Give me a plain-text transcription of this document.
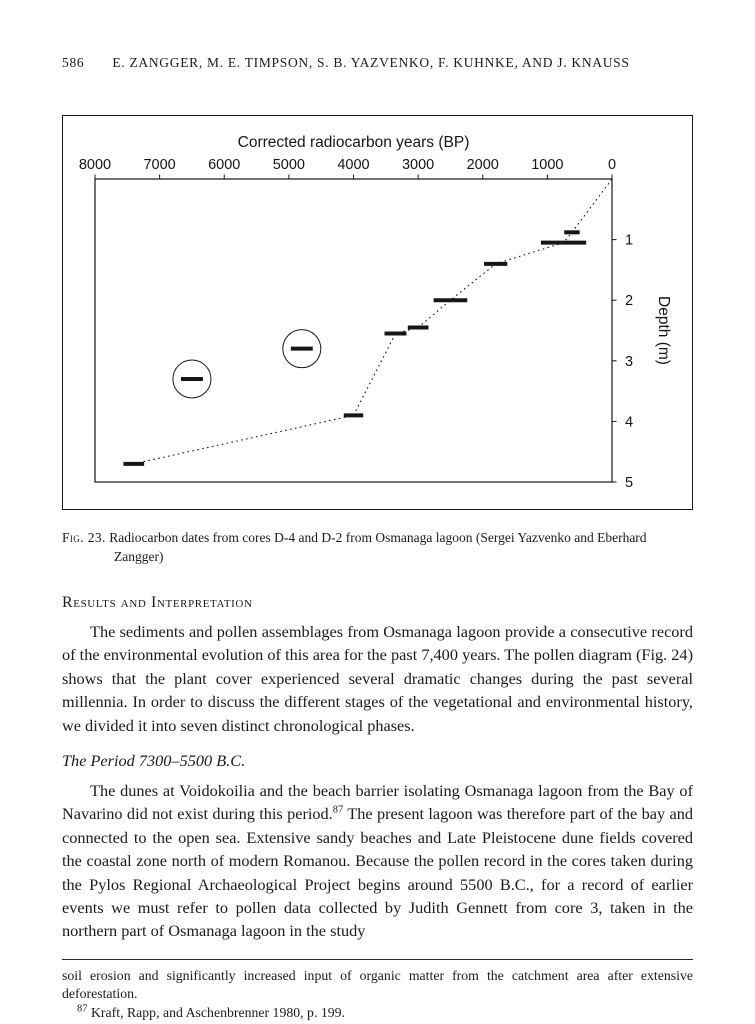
586 E. ZANGGER, M. E. TIMPSON, S. B. YAZVENKO, F. KUHNKE, AND J. KNAUSS
Corrected radiocarbon years (BP)
8000 7000 6000 5000 4000 3000 2000 1000	0
1
2
3
4
5
Depth (m)

Fig. 23. Radiocarbon dates from cores D-4 and D-2 from Osmanaga lagoon (Sergei Yazvenko and Eberhard Zangger)

Results and Interpretation

The sediments and pollen assemblages from Osmanaga lagoon provide a consecutive record of the environmental evolution of this area for the past 7,400 years. The pollen diagram (Fig. 24) shows that the plant cover experienced several dramatic changes during the past several millennia. In order to discuss the different stages of the vegetational and environmental history, we divided it into seven distinct chronological phases.

The Period 7300–5500 B.C.

The dunes at Voidokoilia and the beach barrier isolating Osmanaga lagoon from the Bay of Navarino did not exist during this period.$^{87}$ The present lagoon was therefore part of the bay and connected to the open sea. Extensive sandy beaches and Late Pleistocene dune fields covered the coastal zone north of modern Romanou. Because the pollen record in the cores taken during the Pylos Regional Archaeological Project begins around 5500 B.C., for a record of earlier events we must refer to pollen data collected by Judith Gennett from core 3, taken in the northern part of Osmanaga lagoon in the study

soil erosion and significantly increased input of organic matter from the catchment area after extensive deforestation.

$^{87}$ Kraft, Rapp, and Aschenbrenner 1980, p. 199.
